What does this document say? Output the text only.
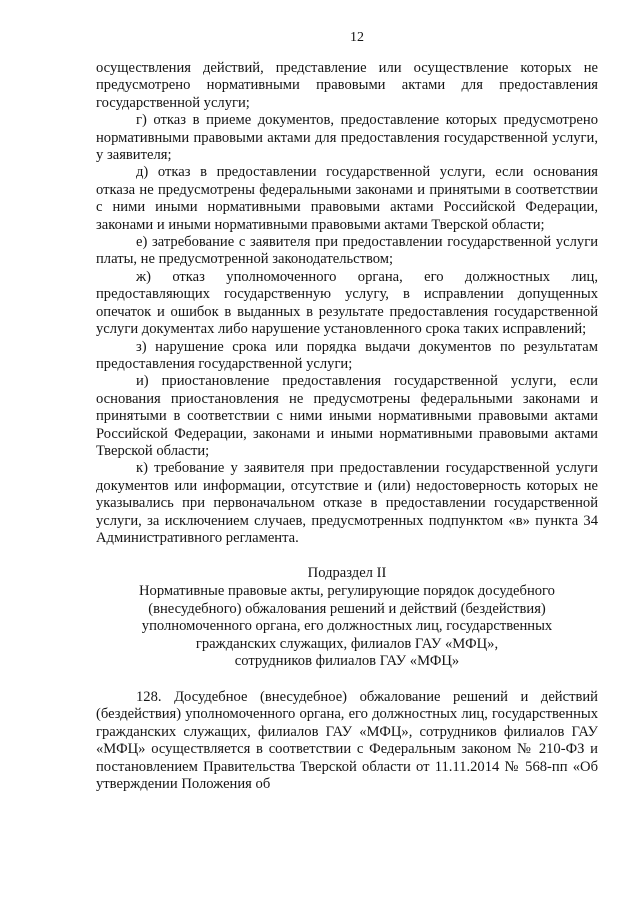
12

осуществления действий, представление или осуществление которых не предусмотрено нормативными правовыми актами для предоставления государственной услуги;

г) отказ в приеме документов, предоставление которых предусмотрено нормативными правовыми актами для предоставления государственной услуги, у заявителя;

д) отказ в предоставлении государственной услуги, если основания отказа не предусмотрены федеральными законами и принятыми в соответствии с ними иными нормативными правовыми актами Российской Федерации, законами и иными нормативными правовыми актами Тверской области;

е) затребование с заявителя при предоставлении государственной услуги платы, не предусмотренной законодательством;

ж) отказ уполномоченного органа, его должностных лиц, предоставляющих государственную услугу, в исправлении допущенных опечаток и ошибок в выданных в результате предоставления государственной услуги документах либо нарушение установленного срока таких исправлений;

з) нарушение срока или порядка выдачи документов по результатам предоставления государственной услуги;

и) приостановление предоставления государственной услуги, если основания приостановления не предусмотрены федеральными законами и принятыми в соответствии с ними иными нормативными правовыми актами Российской Федерации, законами и иными нормативными правовыми актами Тверской области;

к) требование у заявителя при предоставлении государственной услуги документов или информации, отсутствие и (или) недостоверность которых не указывались при первоначальном отказе в предоставлении государственной услуги, за исключением случаев, предусмотренных подпунктом «в» пункта 34 Административного регламента.

Подраздел II
Нормативные правовые акты, регулирующие порядок досудебного
(внесудебного) обжалования решений и действий (бездействия)
уполномоченного органа, его должностных лиц, государственных
гражданских служащих, филиалов ГАУ «МФЦ»,
сотрудников филиалов ГАУ «МФЦ»

128. Досудебное (внесудебное) обжалование решений и действий (бездействия) уполномоченного органа, его должностных лиц, государственных гражданских служащих, филиалов ГАУ «МФЦ», сотрудников филиалов ГАУ «МФЦ» осуществляется в соответствии с Федеральным законом № 210-ФЗ и постановлением Правительства Тверской области от 11.11.2014 № 568-пп «Об утверждении Положения об
